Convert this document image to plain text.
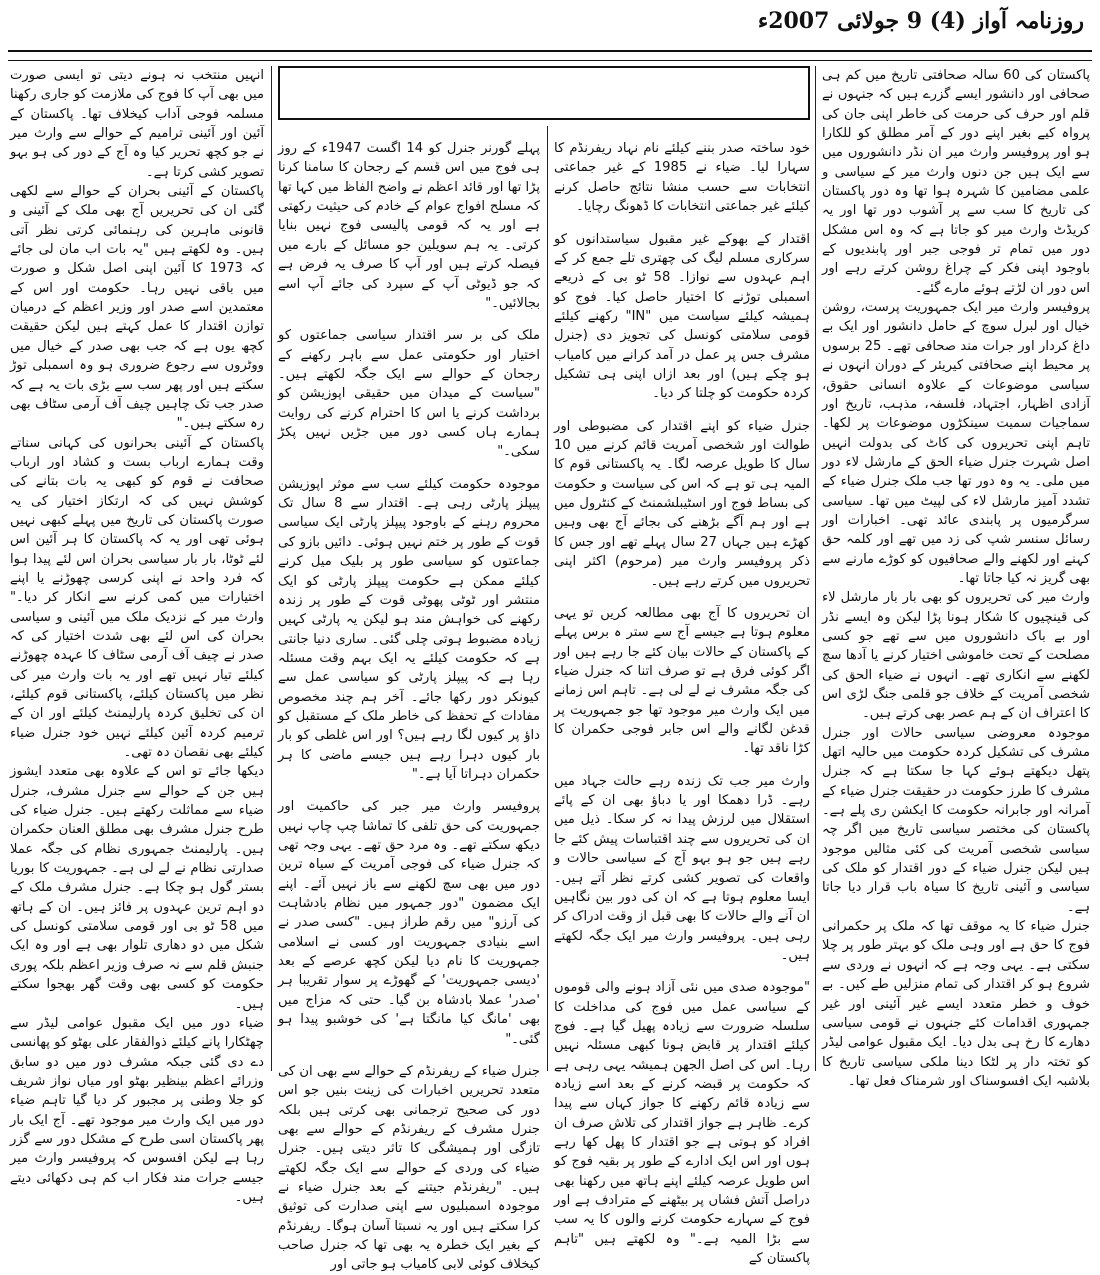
روزنامہ آواز (4) 9 جولائی 2007ء

پاکستان کی 60 سالہ صحافتی تاریخ میں کم ہی صحافی اور دانشور ایسے گزرے ہیں کہ جنہوں نے قلم اور حرف کی حرمت کی خاطر اپنی جان کی پرواہ کیے بغیر اپنے دور کے آمر مطلق کو للکارا ہو اور پروفیسر وارث میر ان نڈر دانشوروں میں سے ایک ہیں جن دنوں وارث میر کے سیاسی و علمی مضامین کا شہرہ ہوا تھا وہ دور پاکستان کی تاریخ کا سب سے پر آشوب دور تھا اور یہ کریڈٹ وارث میر کو جاتا ہے کہ وہ اس مشکل دور میں تمام تر فوجی جبر اور پابندیوں کے باوجود اپنی فکر کے چراغ روشن کرتے رہے اور اس دور ان لڑتے ہوئے مارے گئے۔

پروفیسر وارث میر ایک جمہوریت پرست، روشن خیال اور لبرل سوچ کے حامل دانشور اور ایک بے داغ کردار اور جرات مند صحافی تھے۔ 25 برسوں پر محیط اپنے صحافتی کیریئر کے دوران انہوں نے سیاسی موضوعات کے علاوہ انسانی حقوق، آزادی اظہار، اجتہاد، فلسفہ، مذہب، تاریخ اور سماجیات سمیت سینکڑوں موضوعات پر لکھا۔ تاہم اپنی تحریروں کی کاٹ کی بدولت انہیں اصل شہرت جنرل ضیاء الحق کے مارشل لاء دور میں ملی۔ یہ وہ دور تھا جب ملک جنرل ضیاء کے تشدد آمیز مارشل لاء کی لپیٹ میں تھا۔ سیاسی سرگرمیوں پر پابندی عائد تھی۔ اخبارات اور رسائل سنسر شپ کی زد میں تھے اور کلمہ حق کہنے اور لکھنے والے صحافیوں کو کوڑے مارنے سے بھی گریز نہ کیا جاتا تھا۔

وارث میر کی تحریروں کو بھی بار بار مارشل لاء کی قینچیوں کا شکار ہونا پڑا لیکن وہ ایسے نڈر اور بے باک دانشوروں میں سے تھے جو کسی مصلحت کے تحت خاموشی اختیار کرنے یا آدھا سچ لکھنے سے انکاری تھے۔ انہوں نے ضیاء الحق کی شخصی آمریت کے خلاف جو قلمی جنگ لڑی اس کا اعتراف ان کے ہم عصر بھی کرتے ہیں۔

موجودہ معروضی سیاسی حالات اور جنرل مشرف کی تشکیل کردہ حکومت میں حالیہ اتھل پتھل دیکھتے ہوئے کہا جا سکتا ہے کہ جنرل مشرف کا طرز حکومت در حقیقت جنرل ضیاء کے آمرانہ اور جابرانہ حکومت کا ایکشن ری پلے ہے۔ پاکستان کی مختصر سیاسی تاریخ میں اگر چہ سیاسی شخصی آمریت کی کئی مثالیں موجود ہیں لیکن جنرل ضیاء کے دور اقتدار کو ملک کی سیاسی و آئینی تاریخ کا سیاہ باب قرار دیا جاتا ہے۔

جنرل ضیاء کا یہ موقف تھا کہ ملک پر حکمرانی فوج کا حق ہے اور وہی ملک کو بہتر طور پر چلا سکتی ہے۔ یہی وجہ ہے کہ انہوں نے وردی سے شروع ہو کر اقتدار کی تمام منزلیں طے کیں۔ بے خوف و خطر متعدد ایسے غیر آئینی اور غیر جمہوری اقدامات کئے جنہوں نے قومی سیاسی دھارے کا رخ ہی بدل دیا۔ ایک مقبول عوامی لیڈر کو تختہ دار پر لٹکا دینا ملکی سیاسی تاریخ کا بلاشبہ ایک افسوسناک اور شرمناک فعل تھا۔

ایوب سے مشرف تک
اعتزاز احسن

خود ساختہ صدر بننے کیلئے نام نہاد ریفرنڈم کا سہارا لیا۔ ضیاء نے 1985 کے غیر جماعتی انتخابات سے حسب منشا نتائج حاصل کرنے کیلئے غیر جماعتی انتخابات کا ڈھونگ رچایا۔

اقتدار کے بھوکے غیر مقبول سیاستدانوں کو سرکاری مسلم لیگ کی چھتری تلے جمع کر کے اہم عہدوں سے نوازا۔ 58 ٹو بی کے ذریعے اسمبلی توڑنے کا اختیار حاصل کیا۔ فوج کو ہمیشہ کیلئے سیاست میں "IN" رکھنے کیلئے قومی سلامتی کونسل کی تجویز دی (جنرل مشرف جس پر عمل در آمد کرانے میں کامیاب ہو چکے ہیں) اور بعد ازاں اپنی ہی تشکیل کردہ حکومت کو چلتا کر دیا۔

جنرل ضیاء کو اپنے اقتدار کی مضبوطی اور طوالت اور شخصی آمریت قائم کرنے میں 10 سال کا طویل عرصہ لگا۔ یہ پاکستانی قوم کا المیہ ہی تو ہے کہ اس کی سیاست و حکومت کی بساط فوج اور اسٹیبلشمنٹ کے کنٹرول میں ہے اور ہم آگے بڑھنے کی بجائے آج بھی وہیں کھڑے ہیں جہاں 27 سال پہلے تھے اور جس کا ذکر پروفیسر وارث میر (مرحوم) اکثر اپنی تحریروں میں کرتے رہے ہیں۔

ان تحریروں کا آج بھی مطالعہ کریں تو یہی معلوم ہوتا ہے جیسے آج سے ستر ہ برس پہلے کے پاکستان کے حالات بیان کئے جا رہے ہیں اور اگر کوئی فرق ہے تو صرف اتنا کہ جنرل ضیاء کی جگہ مشرف نے لے لی ہے۔ تاہم اس زمانے میں ایک وارث میر موجود تھا جو جمہوریت پر قدغن لگانے والے اس جابر فوجی حکمران کا کڑا ناقد تھا۔

وارث میر جب تک زندہ رہے حالت جہاد میں رہے۔ ڈرا دھمکا اور یا دباؤ بھی ان کے پائے استقلال میں لرزش پیدا نہ کر سکا۔ ذیل میں ان کی تحریروں سے چند اقتباسات پیش کئے جا رہے ہیں جو ہو بہو آج کے سیاسی حالات و واقعات کی تصویر کشی کرتے نظر آتے ہیں۔ ایسا معلوم ہوتا ہے کہ ان کی دور بین نگاہیں ان آنے والے حالات کا بھی قبل از وقت ادراک کر رہی ہیں۔ پروفیسر وارث میر ایک جگہ لکھتے ہیں۔

"موجودہ صدی میں نئی آزاد ہونے والی قوموں کے سیاسی عمل میں فوج کی مداخلت کا سلسلہ ضرورت سے زیادہ پھیل گیا ہے۔ فوج کیلئے اقتدار پر قابض ہونا کبھی مسئلہ نہیں رہا۔ اس کی اصل الجھن ہمیشہ یہی رہی ہے کہ حکومت پر قبضہ کرنے کے بعد اسے زیادہ سے زیادہ قائم رکھنے کا جواز کہاں سے پیدا کرے۔ ظاہر ہے جواز اقتدار کی تلاش صرف ان افراد کو ہوتی ہے جو اقتدار کا پھل کھا رہے ہوں اور اس ایک ادارے کے طور پر بقیہ فوج کو اس طویل عرصہ کیلئے اپنے ہاتھ میں رکھنا بھی دراصل آتش فشاں پر بیٹھنے کے مترادف ہے اور فوج کے سہارے حکومت کرنے والوں کا یہ سب سے بڑا المیہ ہے۔" وہ لکھتے ہیں "تاہم پاکستان کے

پہلے گورنر جنرل کو 14 اگست 1947ء کے روز ہی فوج میں اس قسم کے رجحان کا سامنا کرنا پڑا تھا اور قائد اعظم نے واضح الفاظ میں کہا تھا کہ مسلح افواج عوام کے خادم کی حیثیت رکھتی ہے اور یہ کہ قومی پالیسی فوج نہیں بنایا کرتی۔ یہ ہم سویلین جو مسائل کے بارے میں فیصلہ کرتے ہیں اور آپ کا صرف یہ فرض ہے کہ جو ڈیوٹی آپ کے سپرد کی جائے آپ اسے بجالائیں۔"

ملک کی بر سر اقتدار سیاسی جماعتوں کو اختیار اور حکومتی عمل سے باہر رکھنے کے رجحان کے حوالے سے ایک جگہ لکھتے ہیں۔ "سیاست کے میدان میں حقیقی اپوزیشن کو برداشت کرنے یا اس کا احترام کرنے کی روایت ہمارے ہاں کسی دور میں جڑیں نہیں پکڑ سکی۔"

موجودہ حکومت کیلئے سب سے موثر اپوزیشن پیپلز پارٹی رہی ہے۔ اقتدار سے 8 سال تک محروم رہنے کے باوجود پیپلز پارٹی ایک سیاسی قوت کے طور پر ختم نہیں ہوئی۔ دائیں بازو کی جماعتوں کو سیاسی طور پر بلیک میل کرنے کیلئے ممکن ہے حکومت پیپلز پارٹی کو ایک منتشر اور ٹوٹی پھوٹی قوت کے طور پر زندہ رکھنے کی خواہش مند ہو لیکن یہ پارٹی کہیں زیادہ مضبوط ہوتی چلی گئی۔ ساری دنیا جانتی ہے کہ حکومت کیلئے یہ ایک بہم وقت مسئلہ رہا ہے کہ پیپلز پارٹی کو سیاسی عمل سے کیونکر دور رکھا جائے۔ آخر ہم چند مخصوص مفادات کے تحفظ کی خاطر ملک کے مستقبل کو داؤ پر کیوں لگا رہے ہیں؟ اور اس غلطی کو بار بار کیوں دہرا رہے ہیں جیسے ماضی کا ہر حکمران دہراتا آیا ہے۔"

پروفیسر وارث میر جبر کی حاکمیت اور جمہوریت کی حق تلفی کا تماشا چپ چاپ نہیں دیکھ سکتے تھے۔ وہ مرد حق تھے۔ یہی وجہ تھی کہ جنرل ضیاء کی فوجی آمریت کے سیاہ ترین دور میں بھی سچ لکھنے سے باز نہیں آئے۔ اپنے ایک مضمون "دور جمہور میں نظام بادشاہت کی آرزو" میں رقم طراز ہیں۔ "کسی صدر نے اسے بنیادی جمہوریت اور کسی نے اسلامی جمہوریت کا نام دیا لیکن کچھ عرصے کے بعد 'دیسی جمہوریت' کے گھوڑے پر سوار تقریبا ہر 'صدر' عملا بادشاہ بن گیا۔ حتی کہ مزاج میں بھی 'مانگ کیا مانگتا ہے' کی خوشبو پیدا ہو گئی۔"

جنرل ضیاء کے ریفرنڈم کے حوالے سے بھی ان کی متعدد تحریریں اخبارات کی زینت بنیں جو اس دور کی صحیح ترجمانی بھی کرتی ہیں بلکہ جنرل مشرف کے ریفرنڈم کے حوالے سے بھی تازگی اور ہمیشگی کا تاثر دیتی ہیں۔ جنرل ضیاء کی وردی کے حوالے سے ایک جگہ لکھتے ہیں۔ "ریفرنڈم جیتنے کے بعد جنرل ضیاء نے موجودہ اسمبلیوں سے اپنی صدارت کی توثیق کرا سکتے ہیں اور یہ نسبتا آسان ہوگا۔ ریفرنڈم کے بغیر ایک خطرہ یہ بھی تھا کہ جنرل صاحب کیخلاف کوئی لابی کامیاب ہو جاتی اور

انہیں منتخب نہ ہونے دیتی تو ایسی صورت میں بھی آپ کا فوج کی ملازمت کو جاری رکھنا مسلمہ فوجی آداب کیخلاف تھا۔ پاکستان کے آئین اور آئینی ترامیم کے حوالے سے وارث میر نے جو کچھ تحریر کیا وہ آج کے دور کی ہو بہو تصویر کشی کرتا ہے۔

پاکستان کے آئینی بحران کے حوالے سے لکھی گئی ان کی تحریریں آج بھی ملک کے آئینی و قانونی ماہرین کی رہنمائی کرتی نظر آتی ہیں۔ وہ لکھتے ہیں "یہ بات اب مان لی جائے کہ 1973 کا آئین اپنی اصل شکل و صورت میں باقی نہیں رہا۔ حکومت اور اس کے معتمدین اسے صدر اور وزیر اعظم کے درمیان توازن اقتدار کا عمل کہتے ہیں لیکن حقیقت کچھ یوں ہے کہ جب بھی صدر کے خیال میں ووٹروں سے رجوع ضروری ہو وہ اسمبلی توڑ سکتے ہیں اور پھر سب سے بڑی بات یہ ہے کہ صدر جب تک چاہیں چیف آف آرمی سٹاف بھی رہ سکتے ہیں۔"

پاکستان کے آئینی بحرانوں کی کہانی سناتے وقت ہمارے ارباب بست و کشاد اور ارباب صحافت نے قوم کو کبھی یہ بات بتانے کی کوشش نہیں کی کہ ارتکاز اختیار کی یہ صورت پاکستان کی تاریخ میں پہلے کبھی نہیں ہوئی تھی اور یہ کہ پاکستان کا ہر آئین اس لئے ٹوٹا، بار بار سیاسی بحران اس لئے پیدا ہوا کہ فرد واحد نے اپنی کرسی چھوڑنے یا اپنے اختیارات میں کمی کرنے سے انکار کر دیا۔" وارث میر کے نزدیک ملک میں آئینی و سیاسی بحران کی اس لئے بھی شدت اختیار کی کہ صدر نے چیف آف آرمی سٹاف کا عہدہ چھوڑنے کیلئے تیار نہیں تھے اور یہ بات وارث میر کی نظر میں پاکستان کیلئے، پاکستانی قوم کیلئے، ان کی تخلیق کردہ پارلیمنٹ کیلئے اور ان کے ترمیم کردہ آئین کیلئے نہیں خود جنرل ضیاء کیلئے بھی نقصان دہ تھی۔

دیکھا جائے تو اس کے علاوہ بھی متعدد ایشوز ہیں جن کے حوالے سے جنرل مشرف، جنرل ضیاء سے مماثلت رکھتے ہیں۔ جنرل ضیاء کی طرح جنرل مشرف بھی مطلق العنان حکمران ہیں۔ پارلیمنٹ جمہوری نظام کی جگہ عملا صدارتی نظام نے لے لی ہے۔ جمہوریت کا بوریا بستر گول ہو چکا ہے۔ جنرل مشرف ملک کے دو اہم ترین عہدوں پر فائز ہیں۔ ان کے ہاتھ میں 58 ٹو بی اور قومی سلامتی کونسل کی شکل میں دو دھاری تلوار بھی ہے اور وہ ایک جنبش قلم سے نہ صرف وزیر اعظم بلکہ پوری حکومت کو کسی بھی وقت گھر بھجوا سکتے ہیں۔

ضیاء دور میں ایک مقبول عوامی لیڈر سے چھٹکارا پانے کیلئے ذوالفقار علی بھٹو کو پھانسی دے دی گئی جبکہ مشرف دور میں دو سابق وزرائے اعظم بینظیر بھٹو اور میاں نواز شریف کو جلا وطنی پر مجبور کر دیا گیا تاہم ضیاء دور میں ایک وارث میر موجود تھے۔ آج ایک بار پھر پاکستان اسی طرح کے مشکل دور سے گزر رہا ہے لیکن افسوس کہ پروفیسر وارث میر جیسے جرات مند فکار اب کم ہی دکھائی دیتے ہیں۔
